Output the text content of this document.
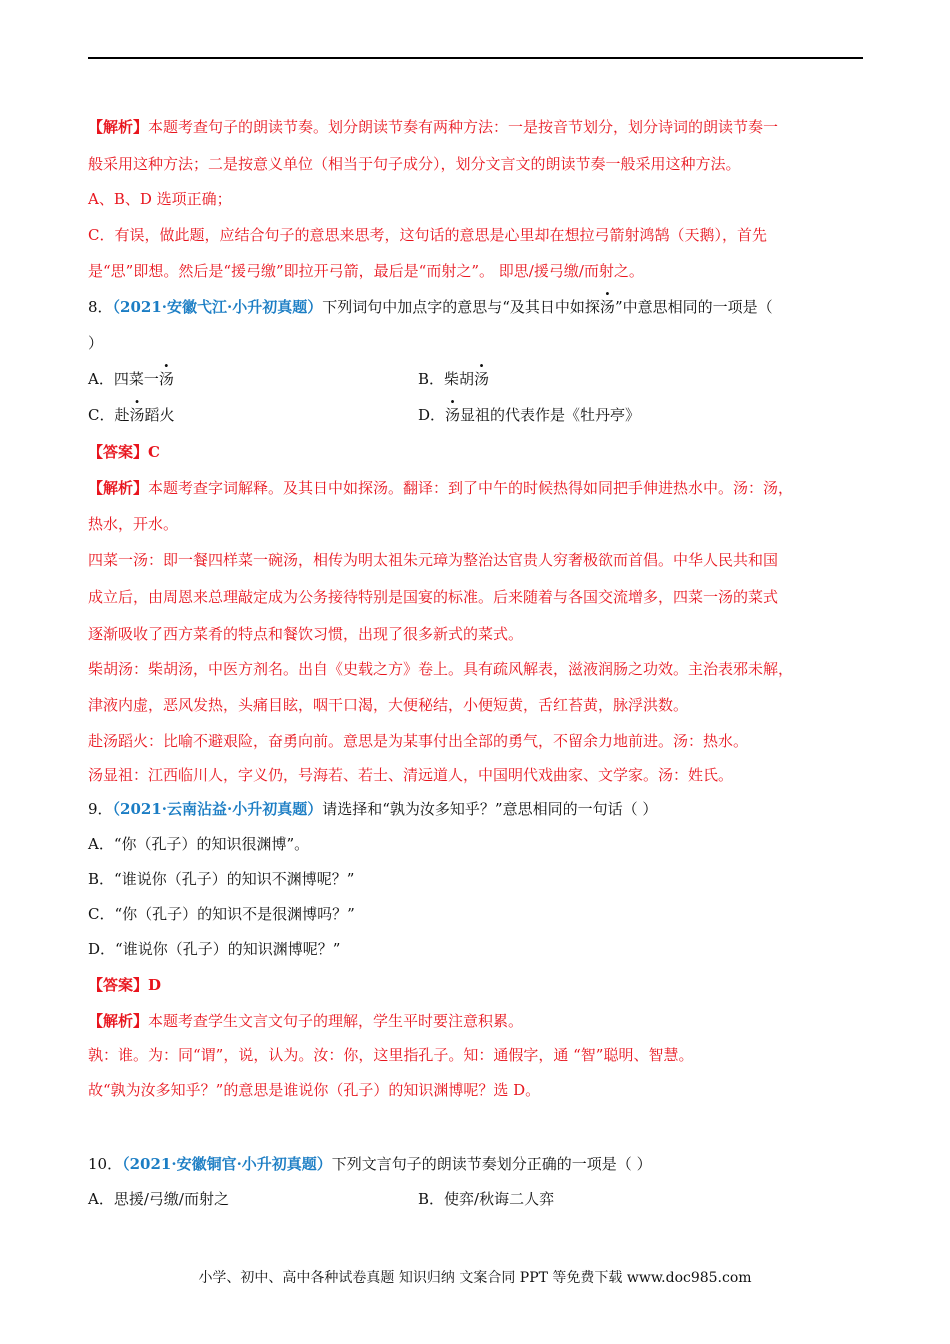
【解析】本题考查句子的朗读节奏。划分朗读节奏有两种方法：一是按音节划分，划分诗词的朗读节奏一
般采用这种方法；二是按意义单位（相当于句子成分），划分文言文的朗读节奏一般采用这种方法。
A、B、D 选项正确；
C．有误，做此题，应结合句子的意思来思考，这句话的意思是心里却在想拉弓箭射鸿鹄（天鹅），首先
是“思”即想。然后是“援弓缴”即拉开弓箭，最后是“而射之”。 即思/援弓缴/而射之。
8．（2021·安徽弋江·小升初真题）下列词句中加点字的意思与“及其日中如探汤”中意思相同的一项是（
）
A．四菜一汤	B．柴胡汤
C．赴汤蹈火	D．汤显祖的代表作是《牡丹亭》
【答案】C
【解析】本题考查字词解释。及其日中如探汤。翻译：到了中午的时候热得如同把手伸进热水中。汤：汤，
热水，开水。
四菜一汤：即一餐四样菜一碗汤，相传为明太祖朱元璋为整治达官贵人穷奢极欲而首倡。中华人民共和国
成立后，由周恩来总理敲定成为公务接待特别是国宴的标准。后来随着与各国交流增多，四菜一汤的菜式
逐渐吸收了西方菜肴的特点和餐饮习惯，出现了很多新式的菜式。
柴胡汤：柴胡汤，中医方剂名。出自《史载之方》卷上。具有疏风解表，滋液润肠之功效。主治表邪未解，
津液内虚，恶风发热，头痛目眩，咽干口渴，大便秘结，小便短黄，舌红苔黄，脉浮洪数。
赴汤蹈火：比喻不避艰险，奋勇向前。意思是为某事付出全部的勇气，不留余力地前进。汤：热水。
汤显祖：江西临川人，字义仍，号海若、若士、清远道人，中国明代戏曲家、文学家。汤：姓氏。
9．（2021·云南沾益·小升初真题）请选择和“孰为汝多知乎？”意思相同的一句话（ ）
A．“你（孔子）的知识很渊博”。
B．“谁说你（孔子）的知识不渊博呢？”
C．“你（孔子）的知识不是很渊博吗？”
D．“谁说你（孔子）的知识渊博呢？”
【答案】D
【解析】本题考查学生文言文句子的理解，学生平时要注意积累。
孰：谁。为：同“谓”，说，认为。汝：你，这里指孔子。知：通假字，通 “智”聪明、智慧。
故“孰为汝多知乎？”的意思是谁说你（孔子）的知识渊博呢？选 D。
10．（2021·安徽铜官·小升初真题）下列文言句子的朗读节奏划分正确的一项是（ ）
A．思援/弓缴/而射之	B．使弈/秋诲二人弈
小学、初中、高中各种试卷真题 知识归纳 文案合同 PPT 等免费下载 www.doc985.com
